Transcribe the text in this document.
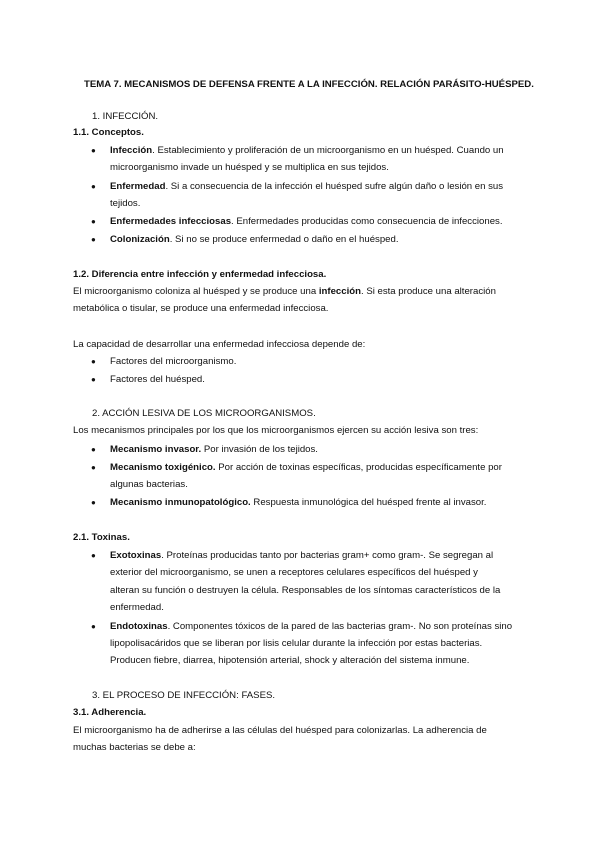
TEMA 7. MECANISMOS DE DEFENSA FRENTE A LA INFECCIÓN. RELACIÓN PARÁSITO-HUÉSPED.
1. INFECCIÓN.
1.1. Conceptos.
● Infección. Establecimiento y proliferación de un microorganismo en un huésped. Cuando un
microorganismo invade un huésped y se multiplica en sus tejidos.
● Enfermedad. Si a consecuencia de la infección el huésped sufre algún daño o lesión en sus
tejidos.
● Enfermedades infecciosas. Enfermedades producidas como consecuencia de infecciones.
● Colonización. Si no se produce enfermedad o daño en el huésped.
1.2. Diferencia entre infección y enfermedad infecciosa.
El microorganismo coloniza al huésped y se produce una infección. Si esta produce una alteración
metabólica o tisular, se produce una enfermedad infecciosa.
La capacidad de desarrollar una enfermedad infecciosa depende de:
● Factores del microorganismo.
● Factores del huésped.
2. ACCIÓN LESIVA DE LOS MICROORGANISMOS.
Los mecanismos principales por los que los microorganismos ejercen su acción lesiva son tres:
● Mecanismo invasor. Por invasión de los tejidos.
● Mecanismo toxigénico. Por acción de toxinas específicas, producidas específicamente por
algunas bacterias.
● Mecanismo inmunopatológico. Respuesta inmunológica del huésped frente al invasor.
2.1. Toxinas.
● Exotoxinas. Proteínas producidas tanto por bacterias gram+ como gram-. Se segregan al
exterior del microorganismo, se unen a receptores celulares específicos del huésped y
alteran su función o destruyen la célula. Responsables de los síntomas característicos de la
enfermedad.
● Endotoxinas. Componentes tóxicos de la pared de las bacterias gram-. No son proteínas sino
lipopolisacáridos que se liberan por lisis celular durante la infección por estas bacterias.
Producen fiebre, diarrea, hipotensión arterial, shock y alteración del sistema inmune.
3. EL PROCESO DE INFECCIÓN: FASES.
3.1. Adherencia.
El microorganismo ha de adherirse a las células del huésped para colonizarlas. La adherencia de
muchas bacterias se debe a:
